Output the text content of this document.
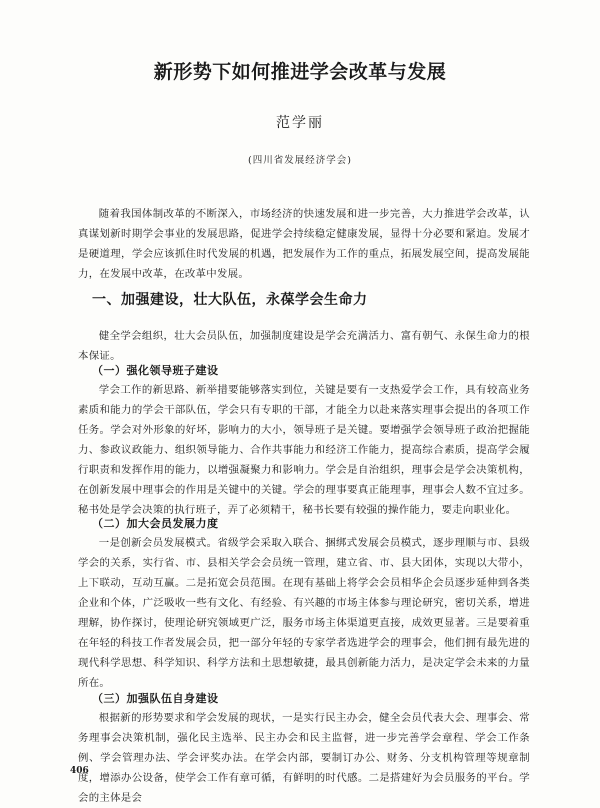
新形势下如何推进学会改革与发展
范学丽
(四川省发展经济学会)

随着我国体制改革的不断深入，市场经济的快速发展和进一步完善，大力推进学会改革，认真谋划新时期学会事业的发展思路，促进学会持续稳定健康发展，显得十分必要和紧迫。发展才是硬道理，学会应该抓住时代发展的机遇，把发展作为工作的重点，拓展发展空间，提高发展能力，在发展中改革，在改革中发展。

一、加强建设，壮大队伍，永葆学会生命力

健全学会组织，壮大会员队伍，加强制度建设是学会充满活力、富有朝气、永保生命力的根本保证。

（一）强化领导班子建设

学会工作的新思路、新举措要能够落实到位，关键是要有一支热爱学会工作，具有较高业务素质和能力的学会干部队伍，学会只有专职的干部，才能全力以赴来落实理事会提出的各项工作任务。学会对外形象的好坏，影响力的大小，领导班子是关键。要增强学会领导班子政治把握能力、参政议政能力、组织领导能力、合作共事能力和经济工作能力，提高综合素质，提高学会履行职责和发挥作用的能力，以增强凝聚力和影响力。学会是自治组织，理事会是学会决策机构，在创新发展中理事会的作用是关键中的关键。学会的理事要真正能理事，理事会人数不宜过多。秘书处是学会决策的执行班子，弄了必须精干，秘书长要有较强的操作能力，要走向职业化。

（二）加大会员发展力度

一是创新会员发展模式。省级学会采取入联合、捆绑式发展会员模式，逐步理顺与市、县级学会的关系，实行省、市、县相关学会会员统一管理，建立省、市、县大团体，实现以大带小，上下联动，互动互赢。二是拓宽会员范围。在现有基础上将学会会员相华企会员逐步延伸到各类企业和个体，广泛吸收一些有文化、有经验、有兴趣的市场主体参与理论研究，密切关系，增进理解，协作探讨，使理论研究领域更广泛，服务市场主体渠道更直接，成效更显著。三是要着重在年轻的科技工作者发展会员，把一部分年轻的专家学者选进学会的理事会，他们拥有最先进的现代科学思想、科学知识、科学方法和土思想敏捷，最具创新能力活力，是决定学会未来的力量所在。

（三）加强队伍自身建设

根据新的形势要求和学会发展的现状，一是实行民主办会，健全会员代表大会、理事会、常务理事会决策机制，强化民主选举、民主办会和民主监督，进一步完善学会章程、学会工作条例、学会管理办法、学会评奖办法。在学会内部，要制订办公、财务、分支机构管理等规章制度，增添办公设备，使学会工作有章可循，有鲜明的时代感。二是搭建好为会员服务的平台。学会的主体是会

406
